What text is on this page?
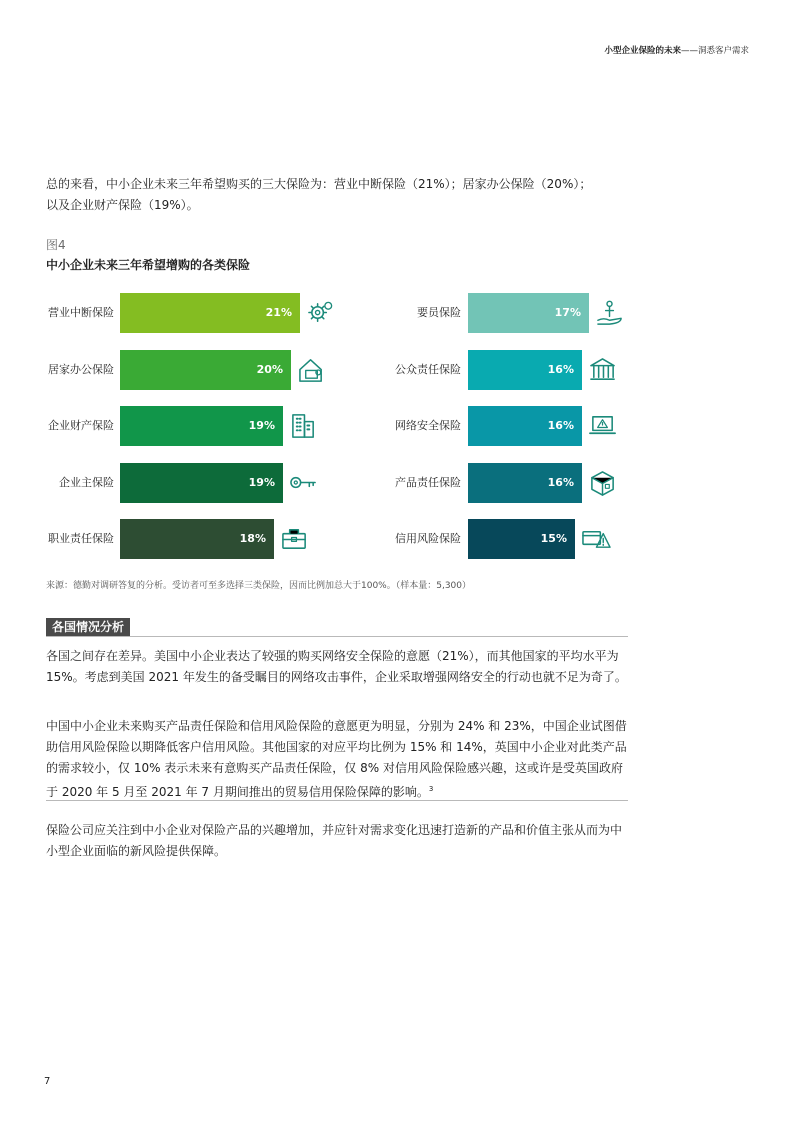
小型企业保险的未来——洞悉客户需求
总的来看，中小企业未来三年希望购买的三大保险为：营业中断保险（21%）；居家办公保险（20%）；
以及企业财产保险（19%）。
图4
中小企业未来三年希望增购的各类保险
营业中断保险	21%
居家办公保险	20%
企业财产保险	19%
企业主保险	19%
职业责任保险	18%
要员保险	17%
公众责任保险	16%
网络安全保险	16%
产品责任保险	16%
信用风险保险	15%
来源：德勤对调研答复的分析。受访者可至多选择三类保险，因而比例加总大于100%。（样本量：5,300）
各国情况分析
各国之间存在差异。美国中小企业表达了较强的购买网络安全保险的意愿（21%），而其他国家的平均水平为 15%。考虑到美国 2021 年发生的备受瞩目的网络攻击事件，企业采取增强网络安全的行动也就不足为奇了。
中国中小企业未来购买产品责任保险和信用风险保险的意愿更为明显，分别为 24% 和 23%，中国企业试图借助信用风险保险以期降低客户信用风险。其他国家的对应平均比例为 15% 和 14%，英国中小企业对此类产品的需求较小，仅 10% 表示未来有意购买产品责任保险，仅 8% 对信用风险保险感兴趣，这或许是受英国政府于 2020 年 5 月至 2021 年 7 月期间推出的贸易信用保险保障的影响。$^3$
保险公司应关注到中小企业对保险产品的兴趣增加，并应针对需求变化迅速打造新的产品和价值主张从而为中小型企业面临的新风险提供保障。
7
